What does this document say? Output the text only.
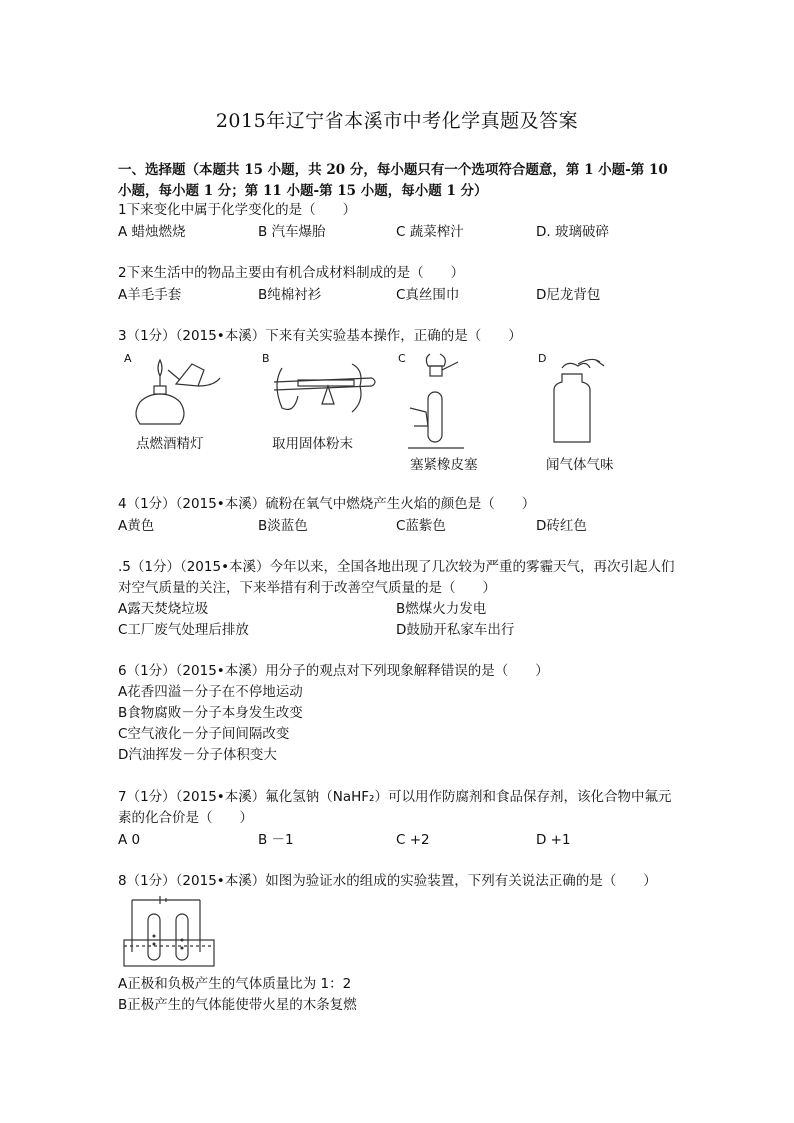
2015年辽宁省本溪市中考化学真题及答案
一、选择题（本题共 15 小题，共 20 分，每小题只有一个选项符合题意，第 1 小题-第 10 小题，每小题 1 分；第 11 小题-第 15 小题，每小题 1 分）
1下来变化中属于化学变化的是（　　）
A 蜡烛燃烧	B 汽车爆胎	C 蔬菜榨汁	D. 玻璃破碎
2下来生活中的物品主要由有机合成材料制成的是（　　）
A羊毛手套	B纯棉衬衫	C真丝围巾	D尼龙背包
3（1分）（2015•本溪）下来有关实验基本操作，正确的是（　　）
A	B	C	D
点燃酒精灯	取用固体粉末
塞紧橡皮塞	闻气体气味
4（1分）（2015•本溪）硫粉在氧气中燃烧产生火焰的颜色是（　　）
A黄色	B淡蓝色	C蓝紫色	D砖红色
.5（1分）（2015•本溪）今年以来，全国各地出现了几次较为严重的雾霾天气，再次引起人们对空气质量的关注，下来举措有利于改善空气质量的是（　　）
A露天焚烧垃圾	B燃煤火力发电
C工厂废气处理后排放	D鼓励开私家车出行
6（1分）（2015•本溪）用分子的观点对下列现象解释错误的是（　　）
A花香四溢－分子在不停地运动
B食物腐败－分子本身发生改变
C空气液化－分子间间隔改变
D汽油挥发－分子体积变大
7（1分）（2015•本溪）氟化氢钠（NaHF₂）可以用作防腐剂和食品保存剂，该化合物中氟元素的化合价是（　　）
A 0	B －1	C +2	D +1
8（1分）（2015•本溪）如图为验证水的组成的实验装置，下列有关说法正确的是（　　）
A正极和负极产生的气体质量比为 1：2
B正极产生的气体能使带火星的木条复燃
